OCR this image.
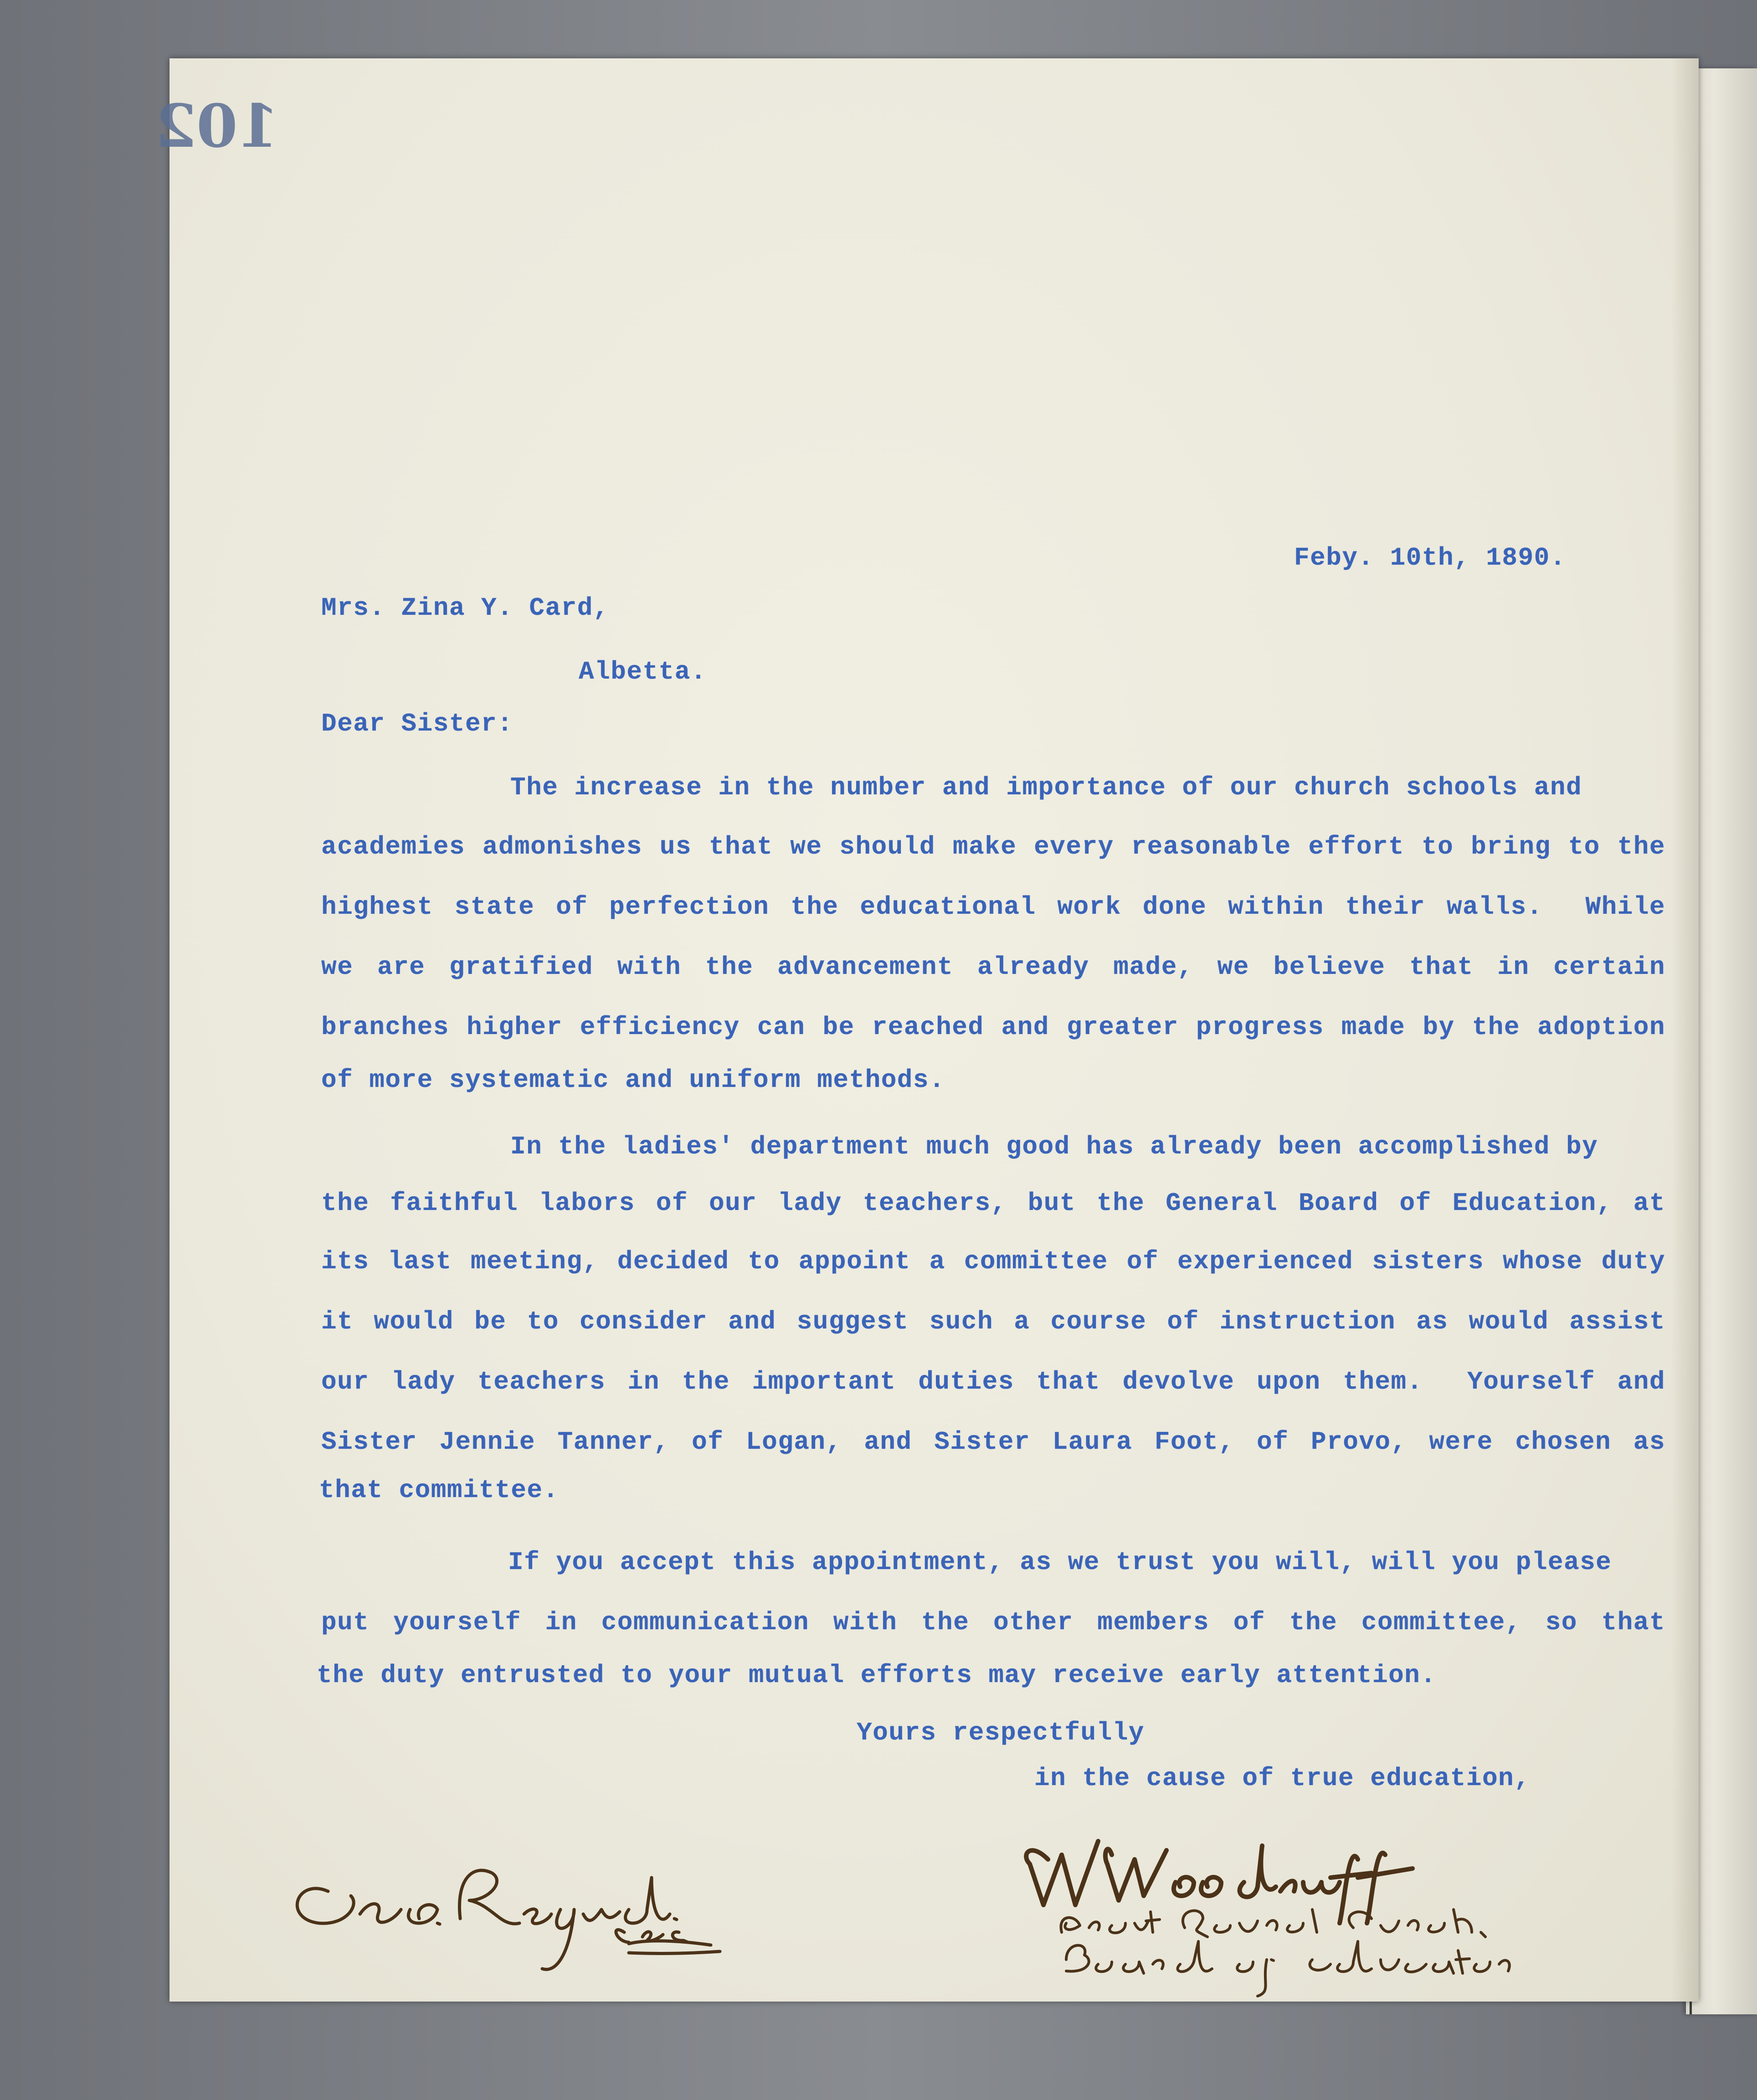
102
Feby. 10th, 1890.
Mrs. Zina Y. Card,
Albetta.
Dear Sister:
The increase in the number and importance of our church schools and
academies admonishes us that we should make every reasonable effort to bring to the
highest state of perfection the educational work done within their walls.  While
we are gratified with the advancement already made, we believe that in certain
branches higher efficiency can be reached and greater progress made by the adoption
of more systematic and uniform methods.
In the ladies' department much good has already been accomplished by
the faithful labors of our lady teachers, but the General Board of Education, at
its last meeting, decided to appoint a committee of experienced sisters whose duty
it would be to consider and suggest such a course of instruction as would assist
our lady teachers in the important duties that devolve upon them.  Yourself and
Sister Jennie Tanner, of Logan, and Sister Laura Foot, of Provo, were chosen as
that committee.
If you accept this appointment, as we trust you will, will you please
put yourself in communication with the other members of the committee, so that
the duty entrusted to your mutual efforts may receive early attention.
Yours respectfully
in the cause of true education,
